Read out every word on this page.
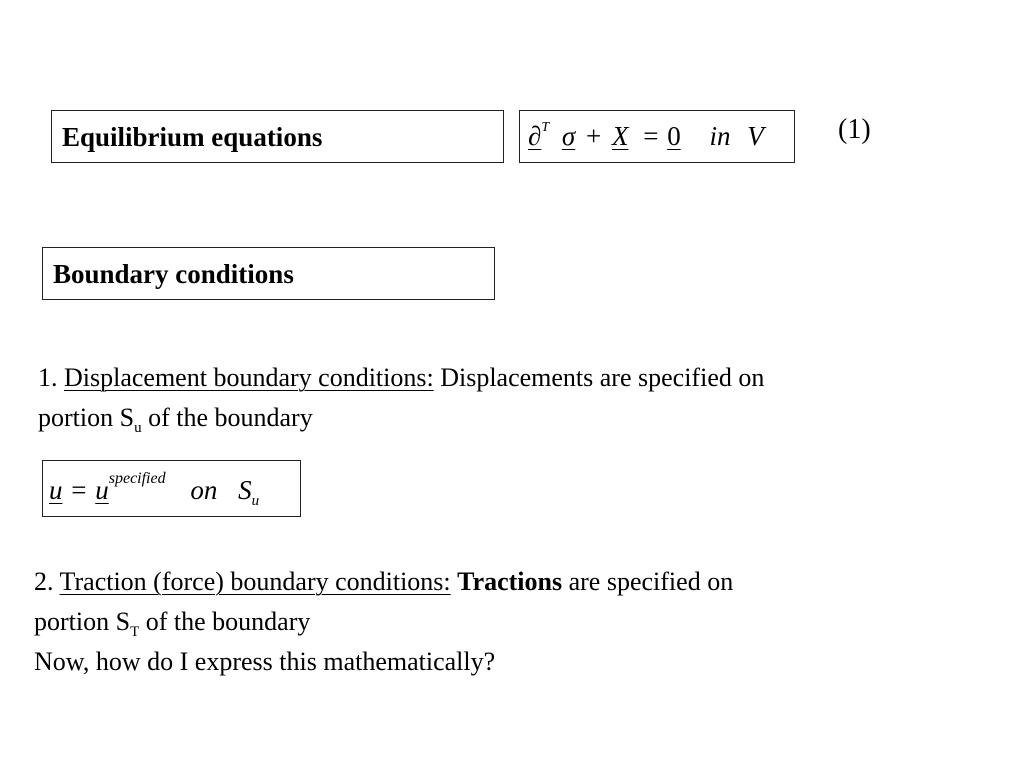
Equilibrium equations	∂$^T$ σ + X = 0 in V	(1)
Boundary conditions
1. Displacement boundary conditions: Displacements are specified on
portion $S_u$ of the boundary
$u = u^{specified}$ on $S_u$
2. Traction (force) boundary conditions: Tractions are specified on
portion $S_T$ of the boundary
Now, how do I express this mathematically?
